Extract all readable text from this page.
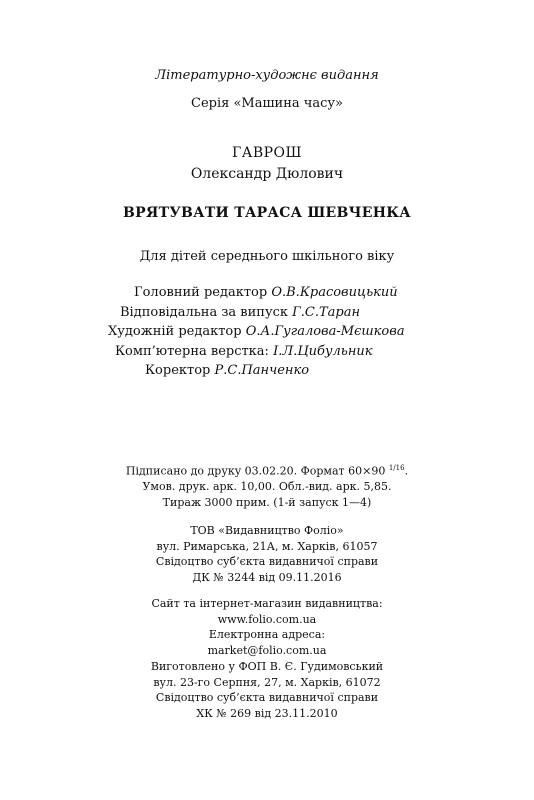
Літературно-художнє видання
Серія «Машина часу»
ГАВРОШ
Олександр Дюлович
ВРЯТУВАТИ ТАРАСА ШЕВЧЕНКА
Для дітей середнього шкільного віку
Головний редактор О.В.Красовицький
Відповідальна за випуск Г.С.Таран
Художній редактор О.А.Гугалова-Мєшкова
Комп’ютерна верстка: І.Л.Цибульник
Коректор Р.С.Панченко
Підписано до друку 03.02.20. Формат 60×90 $^{1/16}$.
Умов. друк. арк. 10,00. Обл.-вид. арк. 5,85.
Тираж 3000 прим. (1-й запуск 1—4)
ТОВ «Видавництво Фоліо»
вул. Римарська, 21А, м. Харків, 61057
Свідоцтво суб’єкта видавничої справи
ДК № 3244 від 09.11.2016
Сайт та інтернет-магазин видавництва:
www.folio.com.ua
Електронна адреса:
market@folio.com.ua
Виготовлено у ФОП В. Є. Гудимовський
вул. 23-го Серпня, 27, м. Харків, 61072
Свідоцтво суб’єкта видавничої справи
ХК № 269 від 23.11.2010
